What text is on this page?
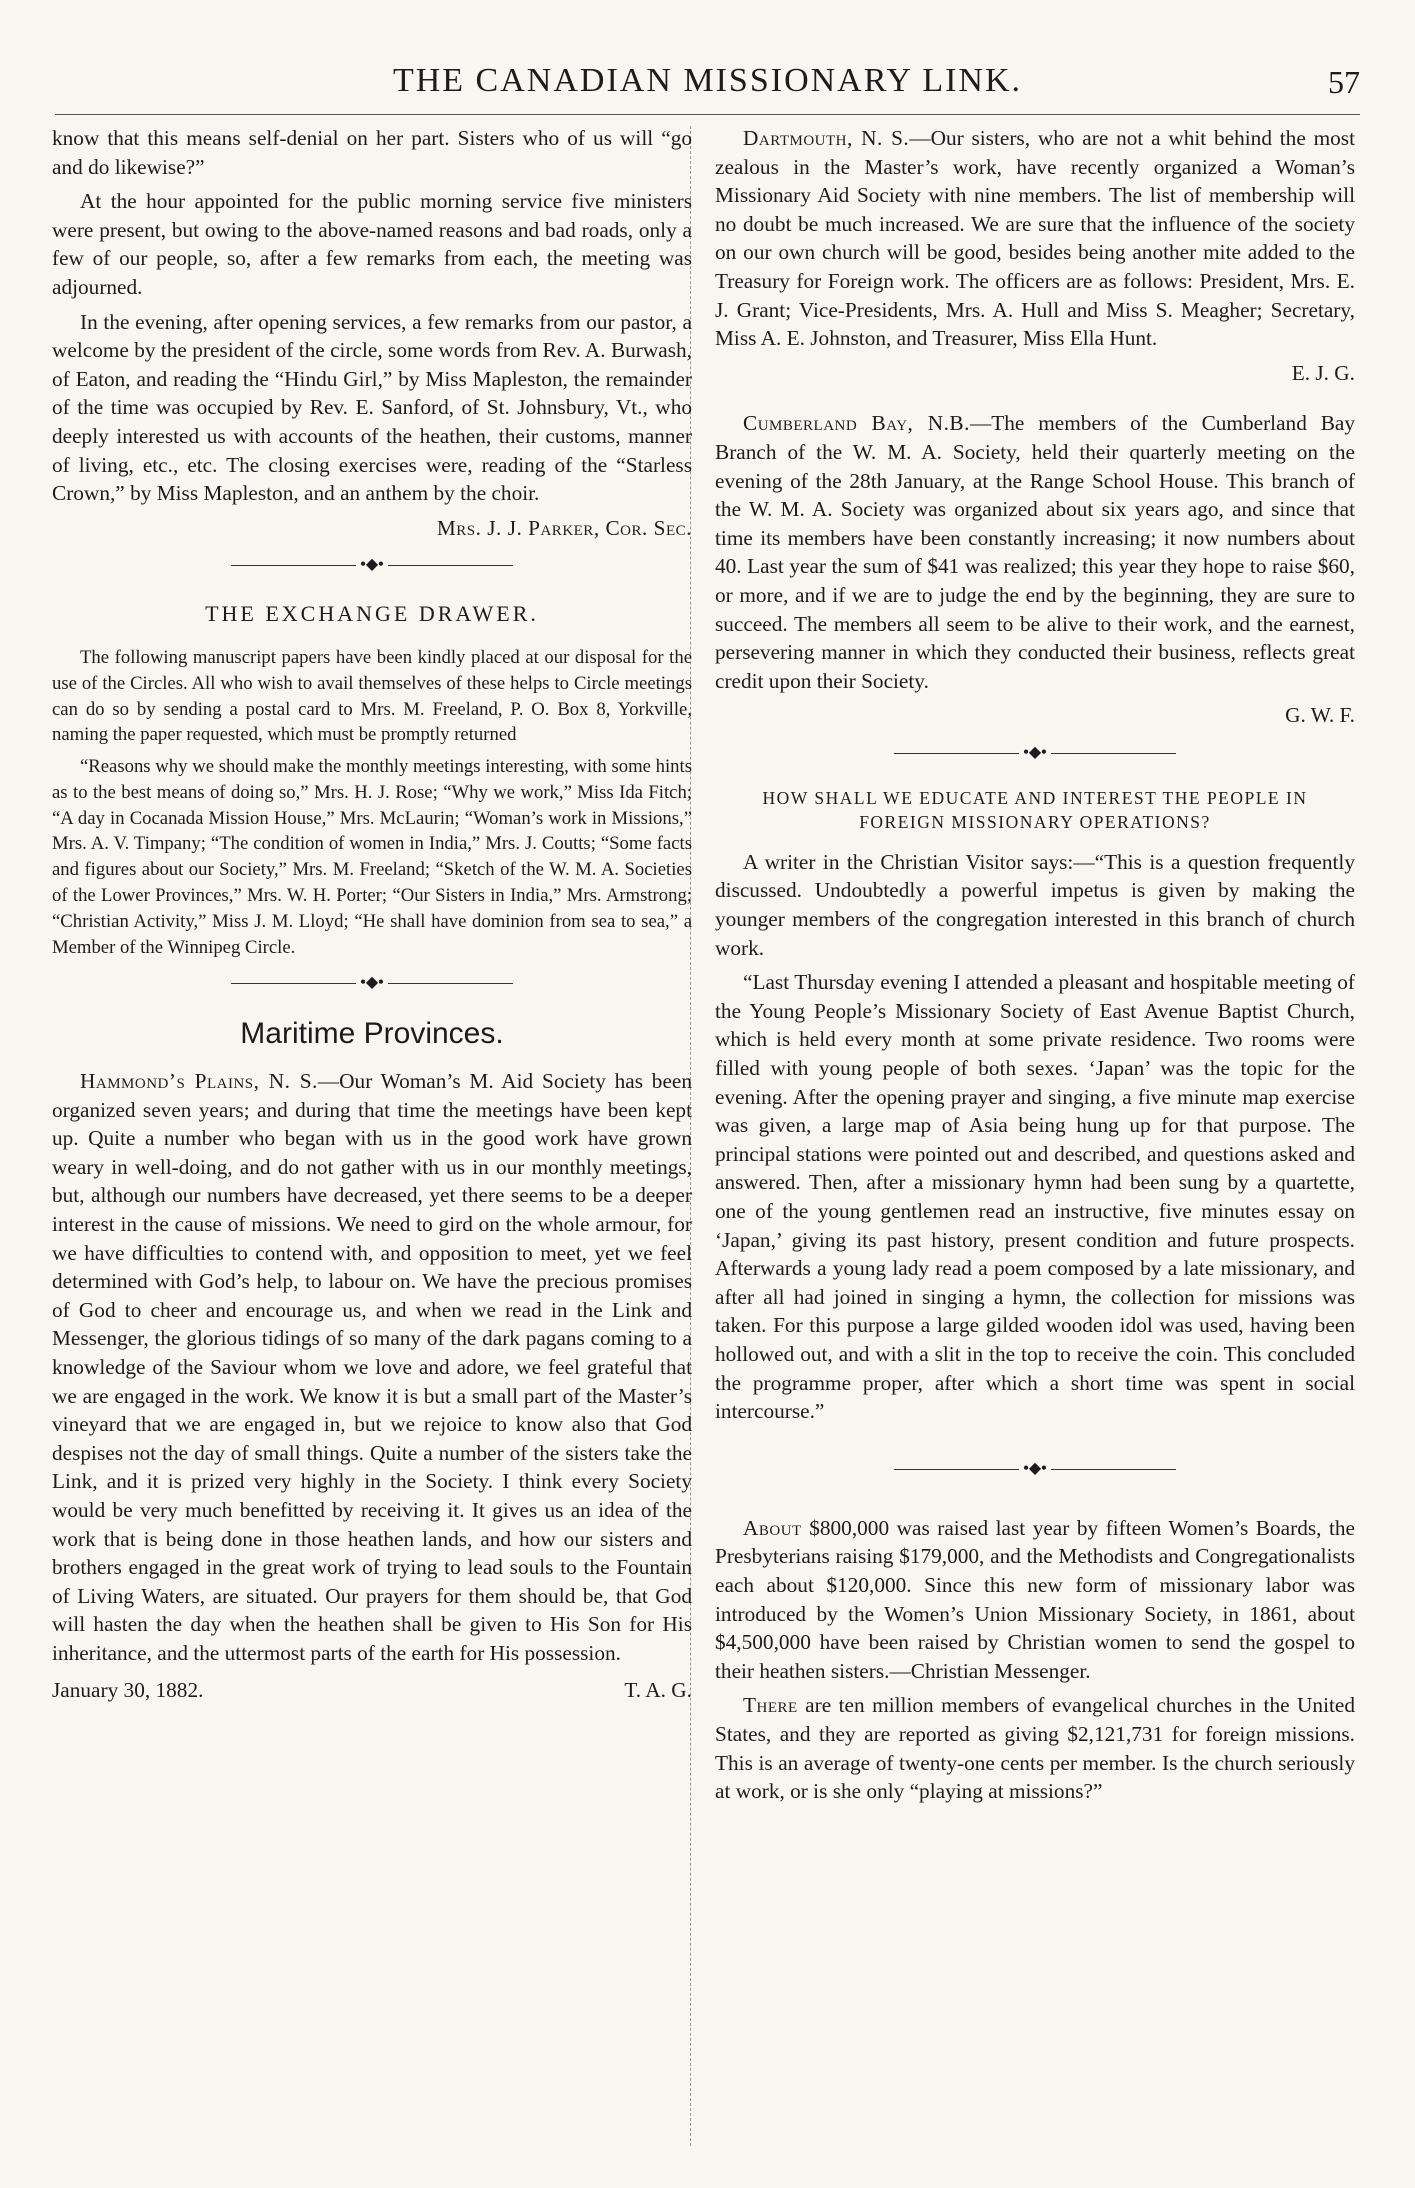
THE CANADIAN MISSIONARY LINK.	57

know that this means self-denial on her part. Sisters who of us will “go and do likewise?”

At the hour appointed for the public morning service five ministers were present, but owing to the above-named reasons and bad roads, only a few of our people, so, after a few remarks from each, the meeting was adjourned.

In the evening, after opening services, a few remarks from our pastor, a welcome by the president of the circle, some words from Rev. A. Burwash, of Eaton, and reading the “Hindu Girl,” by Miss Mapleston, the remainder of the time was occupied by Rev. E. Sanford, of St. Johnsbury, Vt., who deeply interested us with accounts of the heathen, their customs, manner of living, etc., etc. The closing exercises were, reading of the “Starless Crown,” by Miss Mapleston, and an anthem by the choir.

Mrs. J. J. Parker, Cor. Sec.
•◆•
THE EXCHANGE DRAWER.

The following manuscript papers have been kindly placed at our disposal for the use of the Circles. All who wish to avail themselves of these helps to Circle meetings can do so by sending a postal card to Mrs. M. Freeland, P. O. Box 8, Yorkville, naming the paper requested, which must be promptly returned

“Reasons why we should make the monthly meetings interesting, with some hints as to the best means of doing so,” Mrs. H. J. Rose; “Why we work,” Miss Ida Fitch; “A day in Cocanada Mission House,” Mrs. McLaurin; “Woman’s work in Missions,” Mrs. A. V. Timpany; “The condition of women in India,” Mrs. J. Coutts; “Some facts and figures about our Society,” Mrs. M. Freeland; “Sketch of the W. M. A. Societies of the Lower Provinces,” Mrs. W. H. Porter; “Our Sisters in India,” Mrs. Armstrong; “Christian Activity,” Miss J. M. Lloyd; “He shall have dominion from sea to sea,” a Member of the Winnipeg Circle.

•◆•
Maritime Provinces.

Hammond’s Plains, N. S.—Our Woman’s M. Aid Society has been organized seven years; and during that time the meetings have been kept up. Quite a number who began with us in the good work have grown weary in well-doing, and do not gather with us in our monthly meetings, but, although our numbers have decreased, yet there seems to be a deeper interest in the cause of missions. We need to gird on the whole armour, for we have difficulties to contend with, and opposition to meet, yet we feel determined with God’s help, to labour on. We have the precious promises of God to cheer and encourage us, and when we read in the Link and Messenger, the glorious tidings of so many of the dark pagans coming to a knowledge of the Saviour whom we love and adore, we feel grateful that we are engaged in the work. We know it is but a small part of the Master’s vineyard that we are engaged in, but we rejoice to know also that God despises not the day of small things. Quite a number of the sisters take the Link, and it is prized very highly in the Society. I think every Society would be very much benefitted by receiving it. It gives us an idea of the work that is being done in those heathen lands, and how our sisters and brothers engaged in the great work of trying to lead souls to the Fountain of Living Waters, are situated. Our prayers for them should be, that God will hasten the day when the heathen shall be given to His Son for His inheritance, and the uttermost parts of the earth for His possession.

January 30, 1882.	T. A. G.

Dartmouth, N. S.—Our sisters, who are not a whit behind the most zealous in the Master’s work, have recently organized a Woman’s Missionary Aid Society with nine members. The list of membership will no doubt be much increased. We are sure that the influence of the society on our own church will be good, besides being another mite added to the Treasury for Foreign work. The officers are as follows: President, Mrs. E. J. Grant; Vice-Presidents, Mrs. A. Hull and Miss S. Meagher; Secretary, Miss A. E. Johnston, and Treasurer, Miss Ella Hunt.

E. J. G.

Cumberland Bay, N.B.—The members of the Cumberland Bay Branch of the W. M. A. Society, held their quarterly meeting on the evening of the 28th January, at the Range School House. This branch of the W. M. A. Society was organized about six years ago, and since that time its members have been constantly increasing; it now numbers about 40. Last year the sum of $41 was realized; this year they hope to raise $60, or more, and if we are to judge the end by the beginning, they are sure to succeed. The members all seem to be alive to their work, and the earnest, persevering manner in which they conducted their business, reflects great credit upon their Society.

G. W. F.
•◆•
HOW SHALL WE EDUCATE AND INTEREST THE PEOPLE IN FOREIGN MISSIONARY OPERATIONS?

A writer in the Christian Visitor says:—“This is a question frequently discussed. Undoubtedly a powerful impetus is given by making the younger members of the congregation interested in this branch of church work.

“Last Thursday evening I attended a pleasant and hospitable meeting of the Young People’s Missionary Society of East Avenue Baptist Church, which is held every month at some private residence. Two rooms were filled with young people of both sexes. ‘Japan’ was the topic for the evening. After the opening prayer and singing, a five minute map exercise was given, a large map of Asia being hung up for that purpose. The principal stations were pointed out and described, and questions asked and answered. Then, after a missionary hymn had been sung by a quartette, one of the young gentlemen read an instructive, five minutes essay on ‘Japan,’ giving its past history, present condition and future prospects. Afterwards a young lady read a poem composed by a late missionary, and after all had joined in singing a hymn, the collection for missions was taken. For this purpose a large gilded wooden idol was used, having been hollowed out, and with a slit in the top to receive the coin. This concluded the programme proper, after which a short time was spent in social intercourse.”

•◆•

About $800,000 was raised last year by fifteen Women’s Boards, the Presbyterians raising $179,000, and the Methodists and Congregationalists each about $120,000. Since this new form of missionary labor was introduced by the Women’s Union Missionary Society, in 1861, about $4,500,000 have been raised by Christian women to send the gospel to their heathen sisters.—Christian Messenger.

There are ten million members of evangelical churches in the United States, and they are reported as giving $2,121,731 for foreign missions. This is an average of twenty-one cents per member. Is the church seriously at work, or is she only “playing at missions?”
